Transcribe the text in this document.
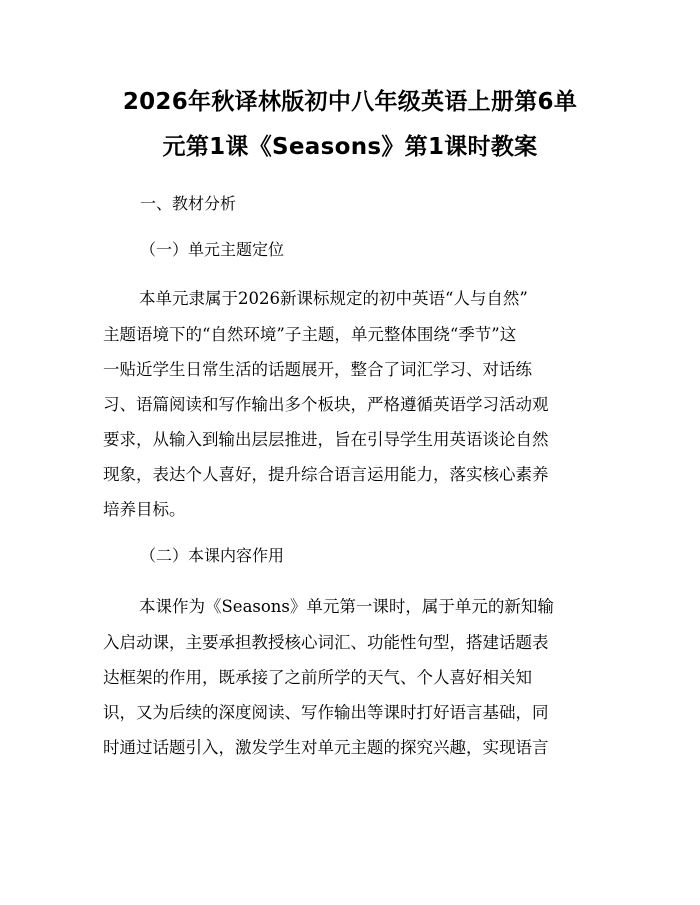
2026年秋译林版初中八年级英语上册第6单
元第1课《Seasons》第1课时教案
一、教材分析
（一）单元主题定位
本单元隶属于2026新课标规定的初中英语“人与自然”
主题语境下的“自然环境”子主题，单元整体围绕“季节”这
一贴近学生日常生活的话题展开，整合了词汇学习、对话练
习、语篇阅读和写作输出多个板块，严格遵循英语学习活动观
要求，从输入到输出层层推进，旨在引导学生用英语谈论自然
现象，表达个人喜好，提升综合语言运用能力，落实核心素养
培养目标。
（二）本课内容作用
本课作为《Seasons》单元第一课时，属于单元的新知输
入启动课，主要承担教授核心词汇、功能性句型，搭建话题表
达框架的作用，既承接了之前所学的天气、个人喜好相关知
识，又为后续的深度阅读、写作输出等课时打好语言基础，同
时通过话题引入，激发学生对单元主题的探究兴趣，实现语言
